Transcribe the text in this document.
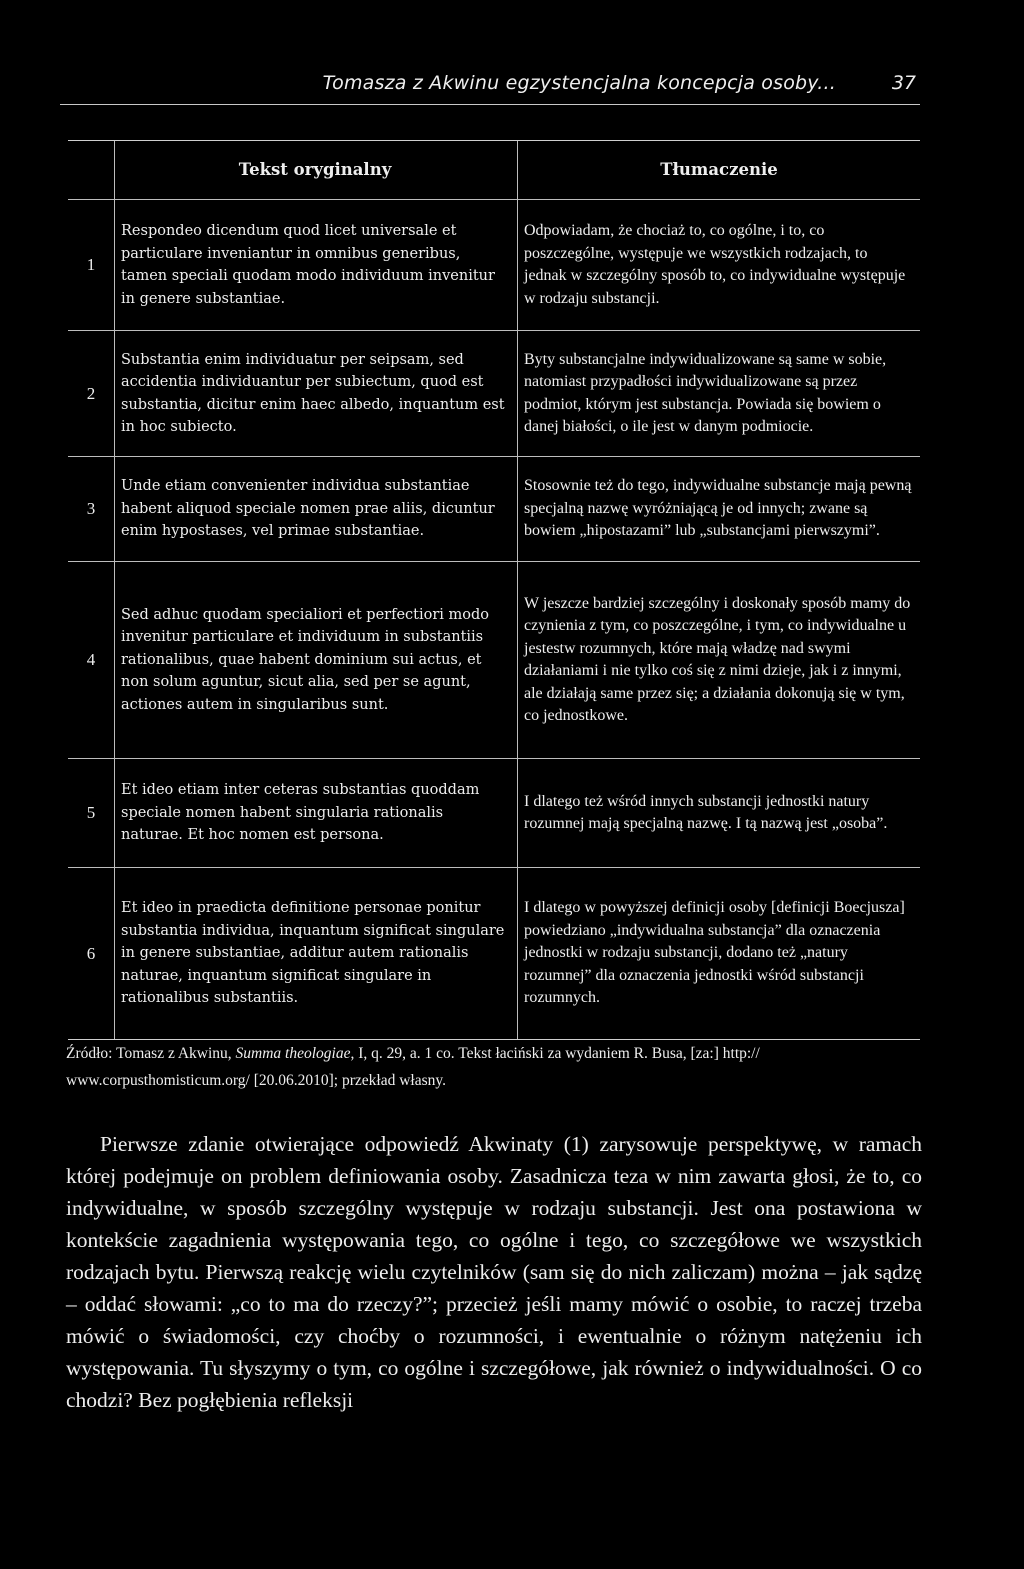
Tomasza z Akwinu egzystencjalna koncepcja osoby...	37
Tekst oryginalny	Tłumaczenie
1
Respondeo dicendum quod licet universale et particulare inveniantur in omnibus generibus, tamen speciali quodam modo individuum invenitur in genere substantiae.
Odpowiadam, że chociaż to, co ogólne, i to, co poszczególne, występuje we wszystkich rodzajach, to jednak w szczególny sposób to, co indywidualne występuje w rodzaju substancji.
2
Substantia enim individuatur per seipsam, sed accidentia individuantur per subiectum, quod est substantia, dicitur enim haec albedo, inquantum est in hoc subiecto.
Byty substancjalne indywidualizowane są same w sobie, natomiast przypadłości indywidualizowane są przez podmiot, którym jest substancja. Powiada się bowiem o danej białości, o ile jest w danym podmiocie.
3
Unde etiam convenienter individua substantiae habent aliquod speciale nomen prae aliis, dicuntur enim hypostases, vel primae substantiae.
Stosownie też do tego, indywidualne substancje mają pewną specjalną nazwę wyróżniającą je od innych; zwane są bowiem „hipostazami” lub „substancjami pierwszymi”.
4
Sed adhuc quodam specialiori et perfectiori modo invenitur particulare et individuum in substantiis rationalibus, quae habent dominium sui actus, et non solum aguntur, sicut alia, sed per se agunt, actiones autem in singularibus sunt.
W jeszcze bardziej szczególny i doskonały sposób mamy do czynienia z tym, co poszczególne, i tym, co indywidualne u jestestw rozumnych, które mają władzę nad swymi działaniami i nie tylko coś się z nimi dzieje, jak i z innymi, ale działają same przez się; a działania dokonują się w tym, co jednostkowe.
5
Et ideo etiam inter ceteras substantias quoddam speciale nomen habent singularia rationalis naturae. Et hoc nomen est persona.
I dlatego też wśród innych substancji jednostki natury rozumnej mają specjalną nazwę. I tą nazwą jest „osoba”.
6
Et ideo in praedicta definitione personae ponitur substantia individua, inquantum significat singulare in genere substantiae, additur autem rationalis naturae, inquantum significat singulare in rationalibus substantiis.
I dlatego w powyższej definicji osoby [definicji Boecjusza] powiedziano „indywidualna substancja” dla oznaczenia jednostki w rodzaju substancji, dodano też „natury rozumnej” dla oznaczenia jednostki wśród substancji rozumnych.
Źródło: Tomasz z Akwinu, Summa theologiae, I, q. 29, a. 1 co. Tekst łaciński za wydaniem R. Busa, [za:] http:// www.corpusthomisticum.org/ [20.06.2010]; przekład własny.

Pierwsze zdanie otwierające odpowiedź Akwinaty (1) zarysowuje perspektywę, w ramach której podejmuje on problem definiowania osoby. Zasadnicza teza w nim zawarta głosi, że to, co indywidualne, w sposób szczególny występuje w rodzaju substancji. Jest ona postawiona w kontekście zagadnienia występowania tego, co ogólne i tego, co szczegółowe we wszystkich rodzajach bytu. Pierwszą reakcję wielu czytelników (sam się do nich zaliczam) można – jak sądzę – oddać słowami: „co to ma do rzeczy?”; przecież jeśli mamy mówić o osobie, to raczej trzeba mówić o świadomości, czy choćby o rozumności, i ewentualnie o różnym natężeniu ich występowania. Tu słyszymy o tym, co ogólne i szczegółowe, jak również o indywidualności. O co chodzi? Bez pogłębienia refleksji
